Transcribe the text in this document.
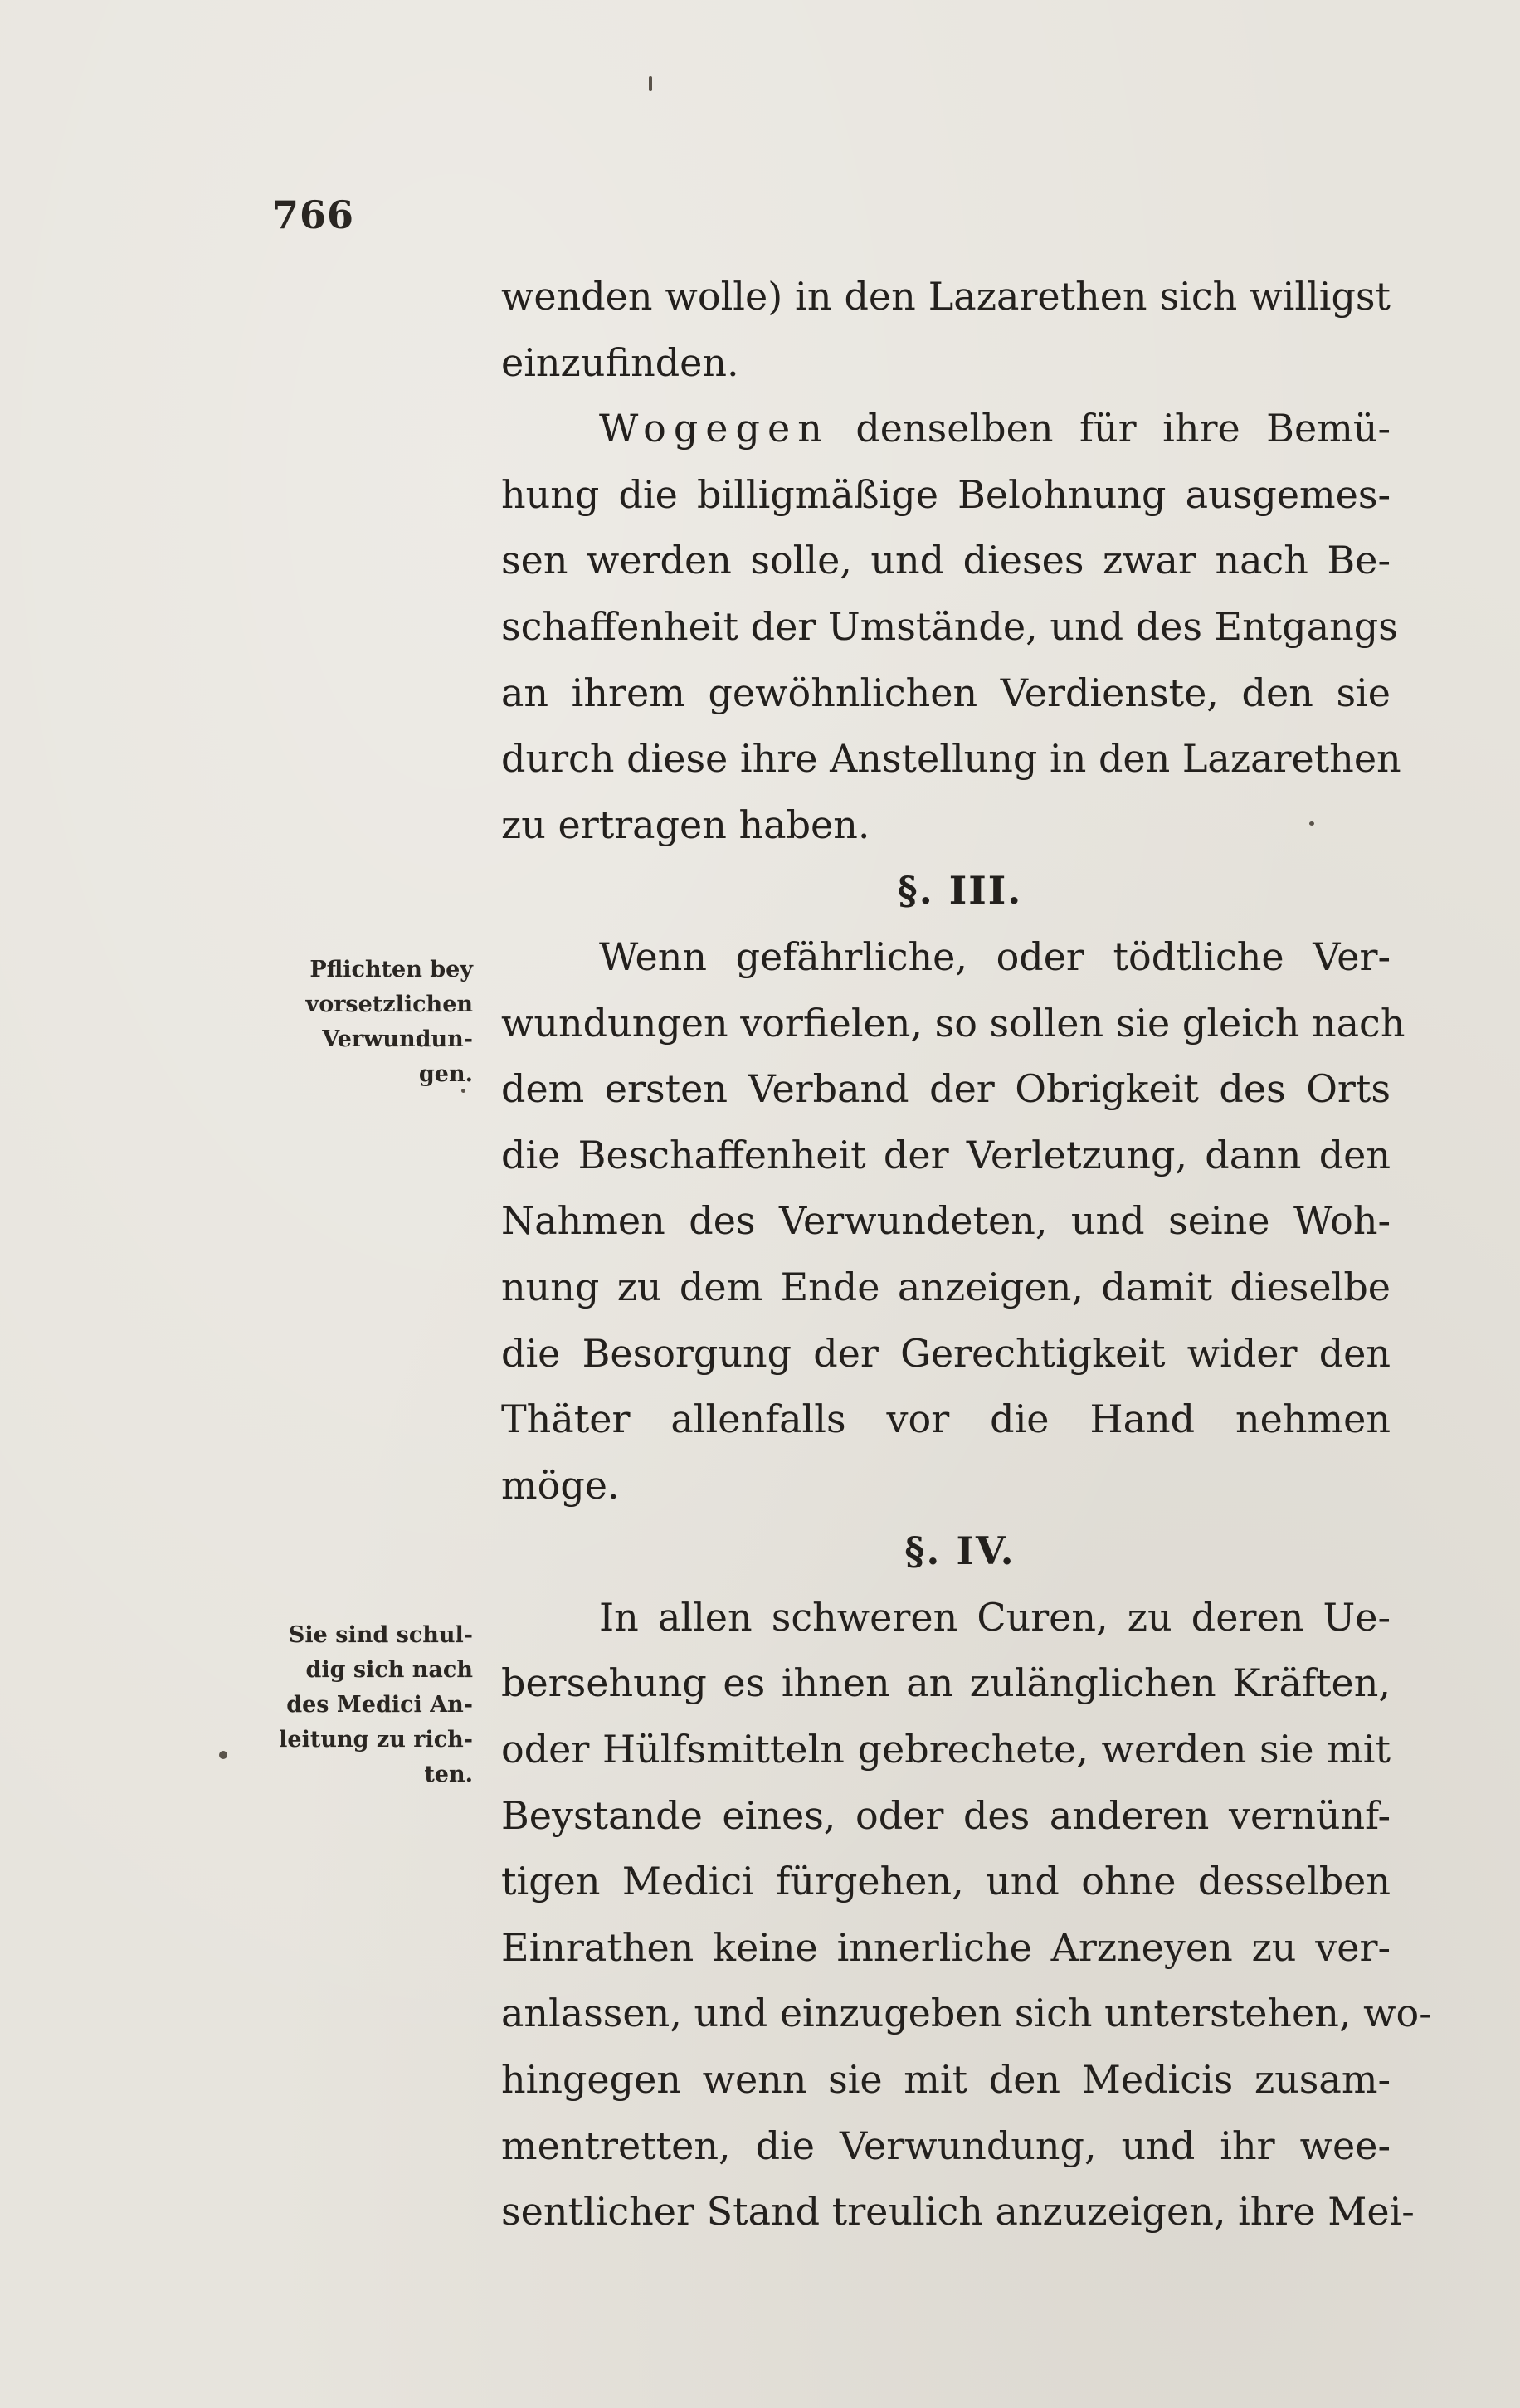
766
wenden wolle) in den Lazarethen sich willigst
einzufinden.
Wogegen denselben für ihre Bemü-
hung die billigmäßige Belohnung ausgemes-
sen werden solle, und dieses zwar nach Be-
schaffenheit der Umstände, und des Entgangs
an ihrem gewöhnlichen Verdienste, den sie
durch diese ihre Anstellung in den Lazarethen
zu ertragen haben.
§. III.
Wenn gefährliche, oder tödtliche Ver-
wundungen vorfielen, so sollen sie gleich nach
dem ersten Verband der Obrigkeit des Orts
die Beschaffenheit der Verletzung, dann den
Nahmen des Verwundeten, und seine Woh-
nung zu dem Ende anzeigen, damit dieselbe
die Besorgung der Gerechtigkeit wider den
Thäter allenfalls vor die Hand nehmen
möge.
§. IV.
In allen schweren Curen, zu deren Ue-
bersehung es ihnen an zulänglichen Kräften,
oder Hülfsmitteln gebrechete, werden sie mit
Beystande eines, oder des anderen vernünf-
tigen Medici fürgehen, und ohne desselben
Einrathen keine innerliche Arzneyen zu ver-
anlassen, und einzugeben sich unterstehen, wo-
hingegen wenn sie mit den Medicis zusam-
mentretten, die Verwundung, und ihr wee-
sentlicher Stand treulich anzuzeigen, ihre Mei-
Pflichten bey
vorsetzlichen
Verwundun-
gen.
Sie sind schul-
dig sich nach
des Medici An-
leitung zu rich-
ten.
